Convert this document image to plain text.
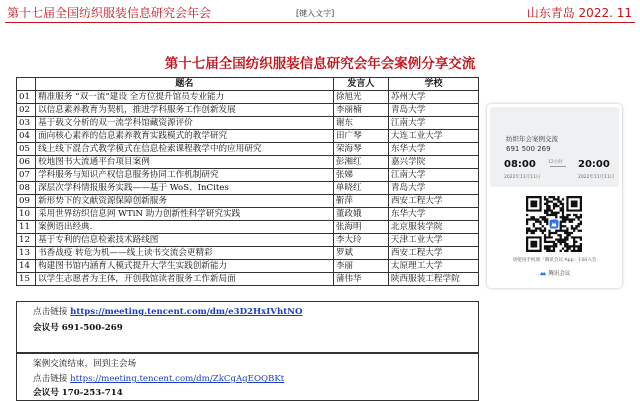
第十七届全国纺织服装信息研究会年会	[键入文字]	山东青岛 2022. 11
第十七届全国纺织服装信息研究会年会案例分享交流
	题名	发言人	学校
01	精准服务 “双一流”建设 全方位提升馆员专业能力	徐旭光	苏州大学
02	以信息素养教育为契机，推进学科服务工作创新发展	李丽楠	青岛大学
03	基于载文分析的双一流学科馆藏资源评价	谢东	江南大学
04	面向核心素养的信息素养教育实践模式的教学研究	田广琴	大连工业大学
05	线上线下混合式教学模式在信息检索课程教学中的应用研究	荣海琴	东华大学
06	校地图书大流通平台项目案例	彭湘红	嘉兴学院
07	学科服务与知识产权信息服务协同工作机制研究	张娣	江南大学
08	深层次学科情报服务实践——基于 WoS、InCites	单晓红	青岛大学
09	新形势下的文献资源保障创新服务	靳萍	西安工程大学
10	采用世界纺织信息网 WTiN 助力创新性科学研究实践	董政娥	东华大学
11	案例语出经典.	张海明	北京服装学院
12	基于专利的信息检索技术路线图	李大玲	天津工业大学
13	书香战疫 转危为机——线上读书交流会更精彩	罗斌	西安工程大学
14	构建图书馆内涵育人模式提升大学生实践创新能力	李丽	太原理工大学
15	以学生志愿者为主体，开创我馆读者服务工作新局面	蒲伟华	陕西服装工程学院
点击链接 https://meeting.tencent.com/dm/e3D2HxIVhtNO
会议号 691-500-269
案例交流结束，回到主会场
点击链接 https://meeting.tencent.com/dm/ZkCgAgEOQBKt
会议号 170-253-714
纺织年会案例交流
691 500 269
08:00
2022年11月11日
12小时 20:00
2022年11月11日
请使用手机端「腾讯会议 App」扫码入会
腾讯会议
